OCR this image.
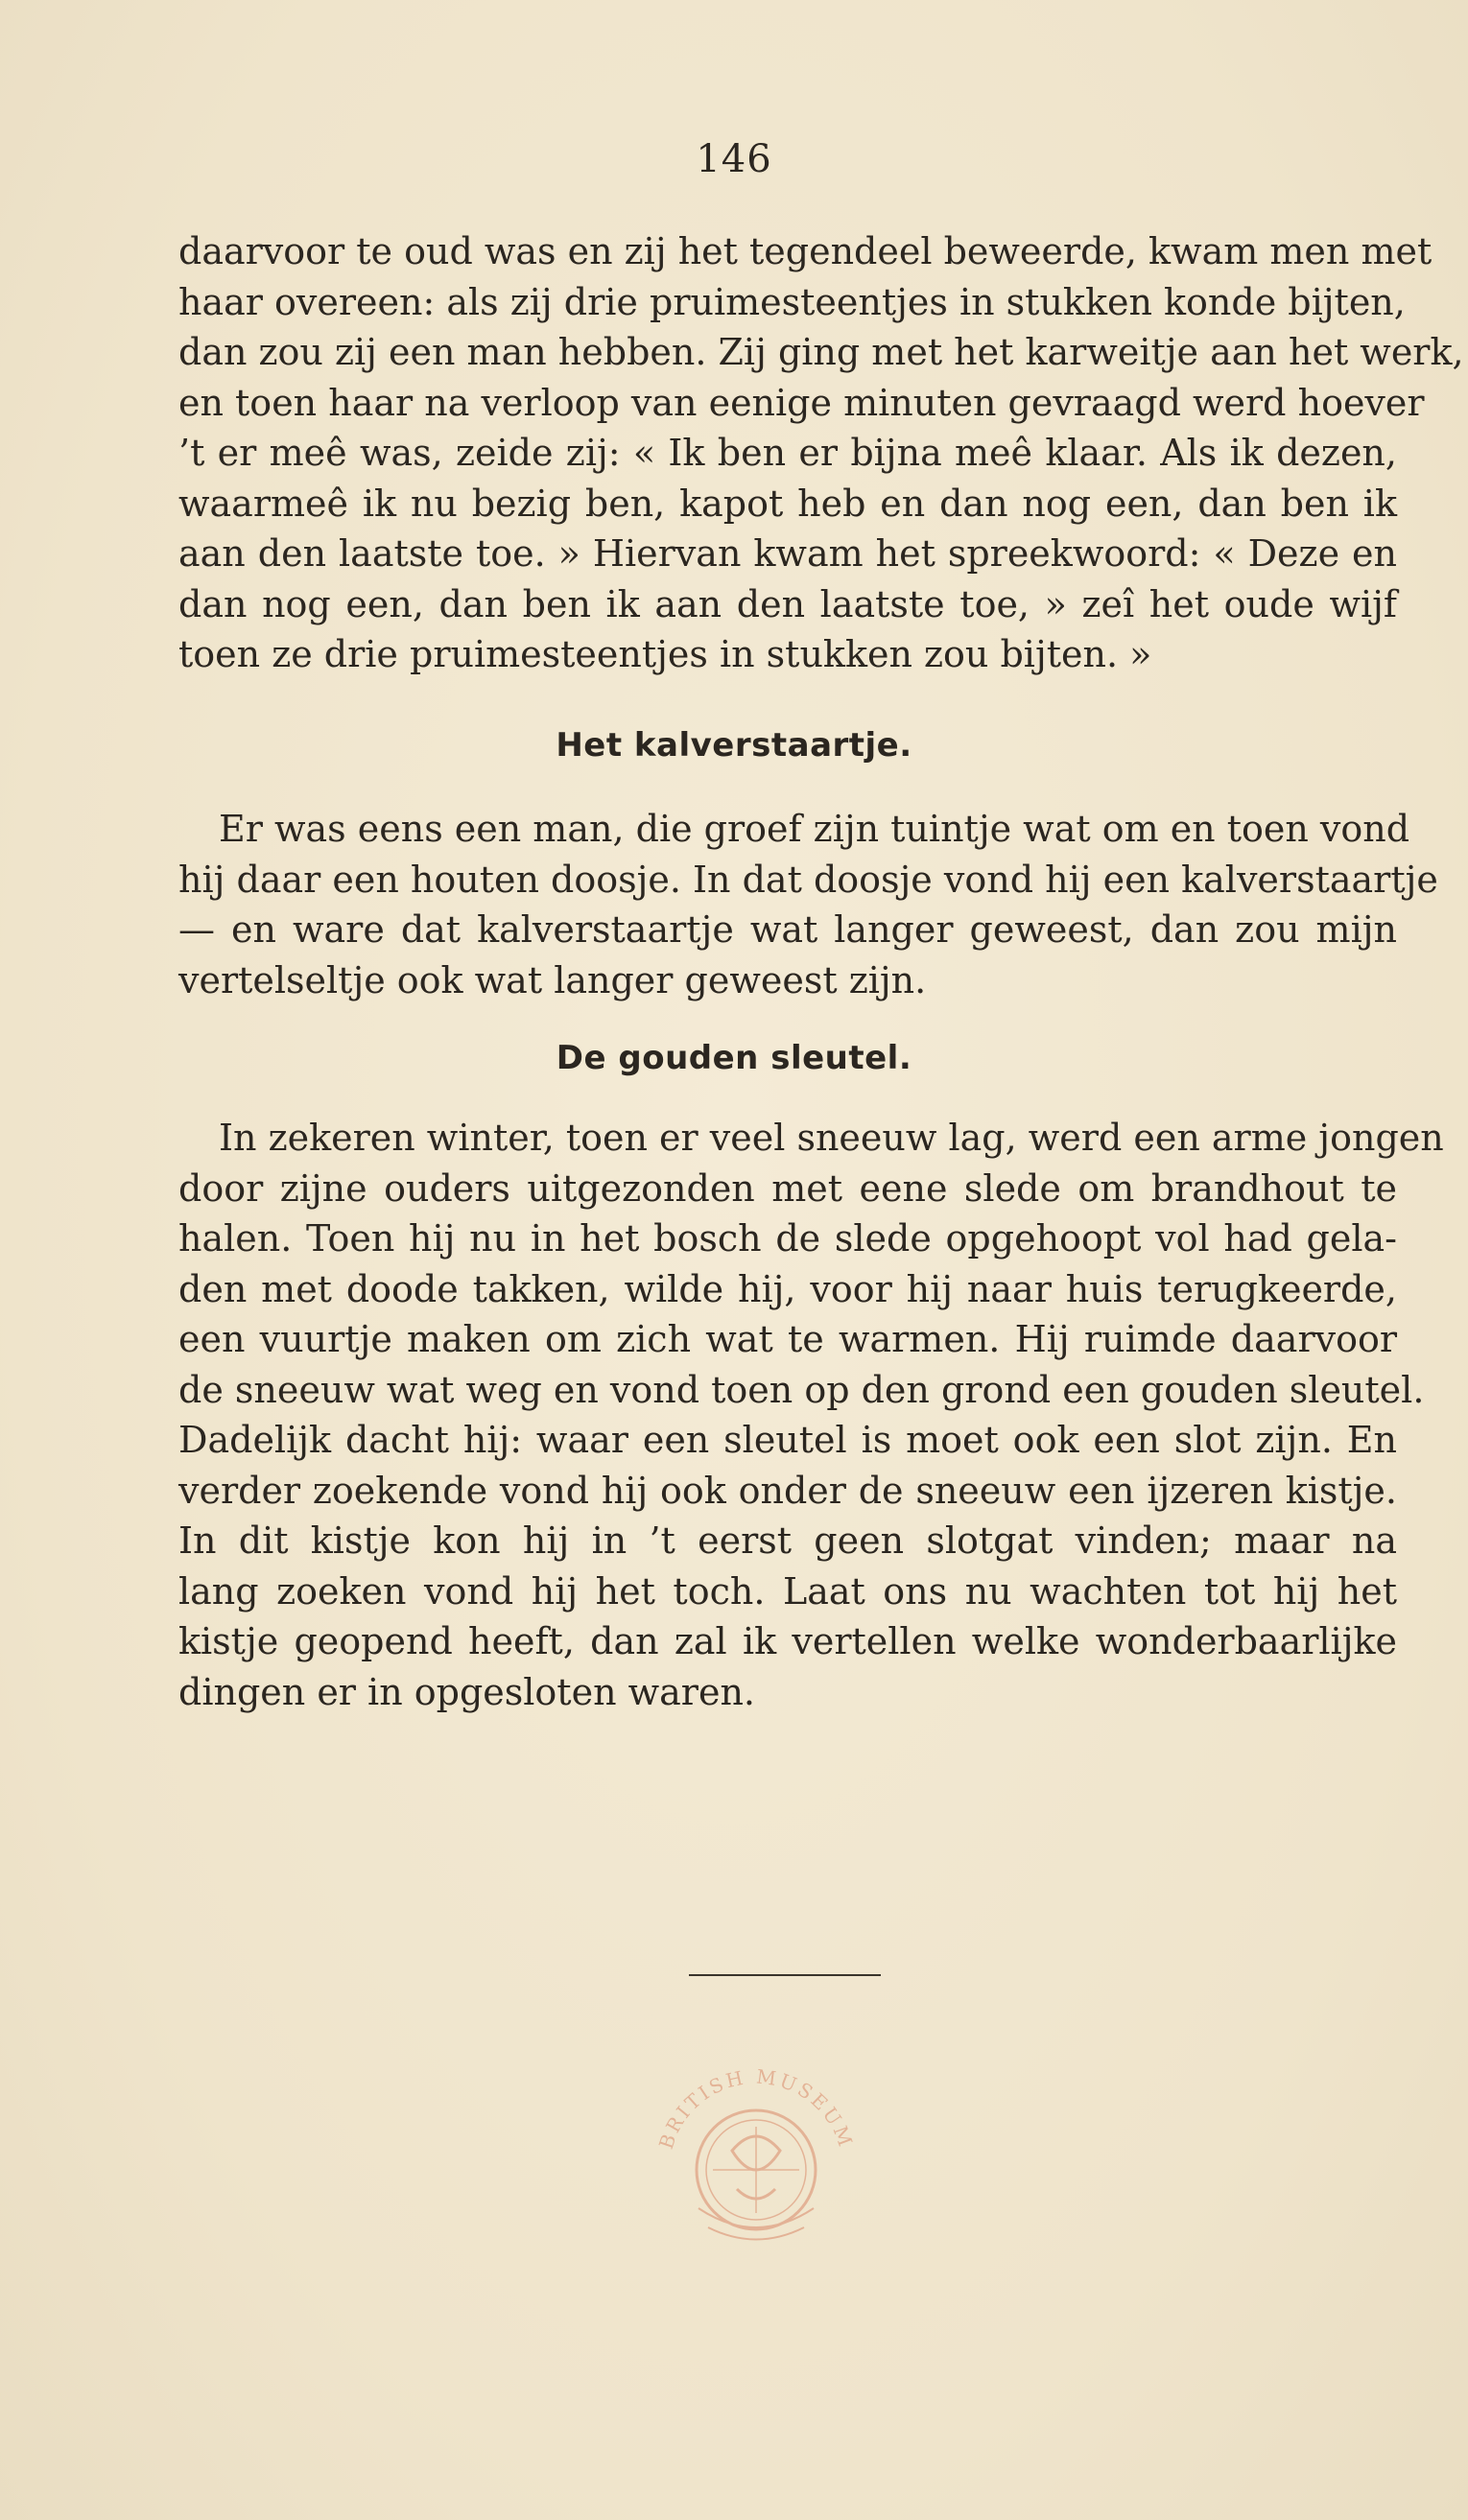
146
daarvoor te oud was en zij het tegendeel beweerde, kwam men met
haar overeen: als zij drie pruimesteentjes in stukken konde bijten,
dan zou zij een man hebben. Zij ging met het karweitje aan het werk,
en toen haar na verloop van eenige minuten gevraagd werd hoever
’t er meê was, zeide zij: « Ik ben er bijna meê klaar. Als ik dezen,
waarmeê ik nu bezig ben, kapot heb en dan nog een, dan ben ik
aan den laatste toe. » Hiervan kwam het spreekwoord: « Deze en
dan nog een, dan ben ik aan den laatste toe, » zeî het oude wijf
toen ze drie pruimesteentjes in stukken zou bijten. »
Het kalverstaartje.
Er was eens een man, die groef zijn tuintje wat om en toen vond
hij daar een houten doosje. In dat doosje vond hij een kalverstaartje
— en ware dat kalverstaartje wat langer geweest, dan zou mijn
vertelseltje ook wat langer geweest zijn.
De gouden sleutel.
In zekeren winter, toen er veel sneeuw lag, werd een arme jongen
door zijne ouders uitgezonden met eene slede om brandhout te
halen. Toen hij nu in het bosch de slede opgehoopt vol had gela-
den met doode takken, wilde hij, voor hij naar huis terugkeerde,
een vuurtje maken om zich wat te warmen. Hij ruimde daarvoor
de sneeuw wat weg en vond toen op den grond een gouden sleutel.
Dadelijk dacht hij: waar een sleutel is moet ook een slot zijn. En
verder zoekende vond hij ook onder de sneeuw een ijzeren kistje.
In dit kistje kon hij in ’t eerst geen slotgat vinden; maar na
lang zoeken vond hij het toch. Laat ons nu wachten tot hij het
kistje geopend heeft, dan zal ik vertellen welke wonderbaarlijke
dingen er in opgesloten waren.
BRITISH MUSEUM
